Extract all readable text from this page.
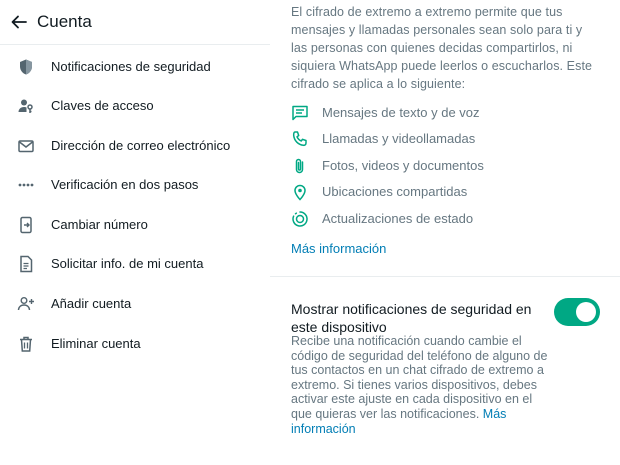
Cuenta
Notificaciones de seguridad
Claves de acceso
Dirección de correo electrónico
Verificación en dos pasos
Cambiar número
Solicitar info. de mi cuenta
Añadir cuenta
Eliminar cuenta
El cifrado de extremo a extremo permite que tus mensajes y llamadas personales sean solo para ti y las personas con quienes decidas compartirlos, ni siquiera WhatsApp puede leerlos o escucharlos. Este cifrado se aplica a lo siguiente:
Mensajes de texto y de voz
Llamadas y videollamadas
Fotos, videos y documentos
Ubicaciones compartidas
Actualizaciones de estado
Más información
Mostrar notificaciones de seguridad en este dispositivo
Recibe una notificación cuando cambie el código de seguridad del teléfono de alguno de tus contactos en un chat cifrado de extremo a extremo. Si tienes varios dispositivos, debes activar este ajuste en cada dispositivo en el que quieras ver las notificaciones. Más información
